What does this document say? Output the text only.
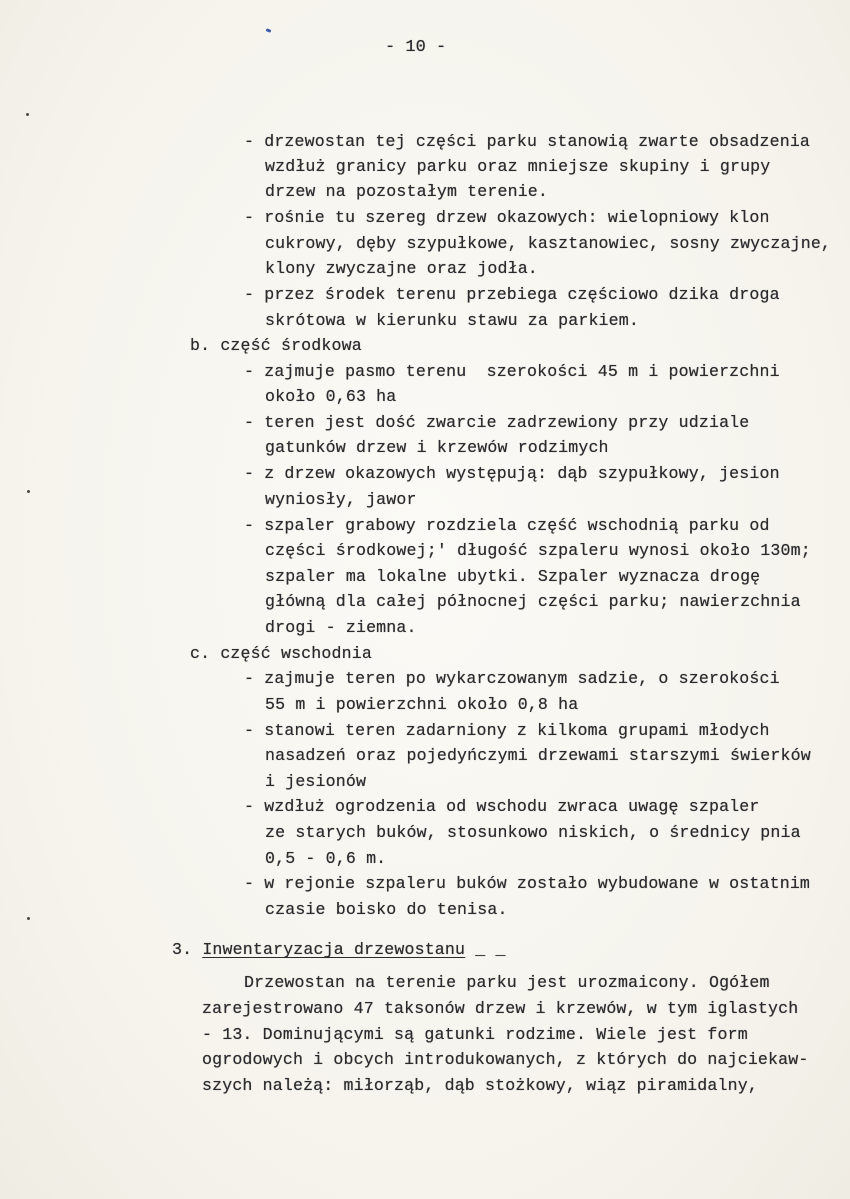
- 10 -
- drzewostan tej części parku stanowią zwarte obsadzenia
wzdłuż granicy parku oraz mniejsze skupiny i grupy
drzew na pozostałym terenie.
- rośnie tu szereg drzew okazowych: wielopniowy klon
cukrowy, dęby szypułkowe, kasztanowiec, sosny zwyczajne,
klony zwyczajne oraz jodła.
- przez środek terenu przebiega częściowo dzika droga
skrótowa w kierunku stawu za parkiem.
b. część środkowa
- zajmuje pasmo terenu  szerokości 45 m i powierzchni
około 0,63 ha
- teren jest dość zwarcie zadrzewiony przy udziale
gatunków drzew i krzewów rodzimych
- z drzew okazowych występują: dąb szypułkowy, jesion
wyniosły, jawor
- szpaler grabowy rozdziela część wschodnią parku od
części środkowej;' długość szpaleru wynosi około 130m;
szpaler ma lokalne ubytki. Szpaler wyznacza drogę
główną dla całej północnej części parku; nawierzchnia
drogi - ziemna.
c. część wschodnia
- zajmuje teren po wykarczowanym sadzie, o szerokości
55 m i powierzchni około 0,8 ha
- stanowi teren zadarniony z kilkoma grupami młodych
nasadzeń oraz pojedyńczymi drzewami starszymi świerków
i jesionów
- wzdłuż ogrodzenia od wschodu zwraca uwagę szpaler
ze starych buków, stosunkowo niskich, o średnicy pnia
0,5 - 0,6 m.
- w rejonie szpaleru buków zostało wybudowane w ostatnim
czasie boisko do tenisa.
3. Inwentaryzacja drzewostanu _ _
Drzewostan na terenie parku jest urozmaicony. Ogółem
zarejestrowano 47 taksonów drzew i krzewów, w tym iglastych
- 13. Dominującymi są gatunki rodzime. Wiele jest form
ogrodowych i obcych introdukowanych, z których do najciekaw-
szych należą: miłorząb, dąb stożkowy, wiąz piramidalny,
